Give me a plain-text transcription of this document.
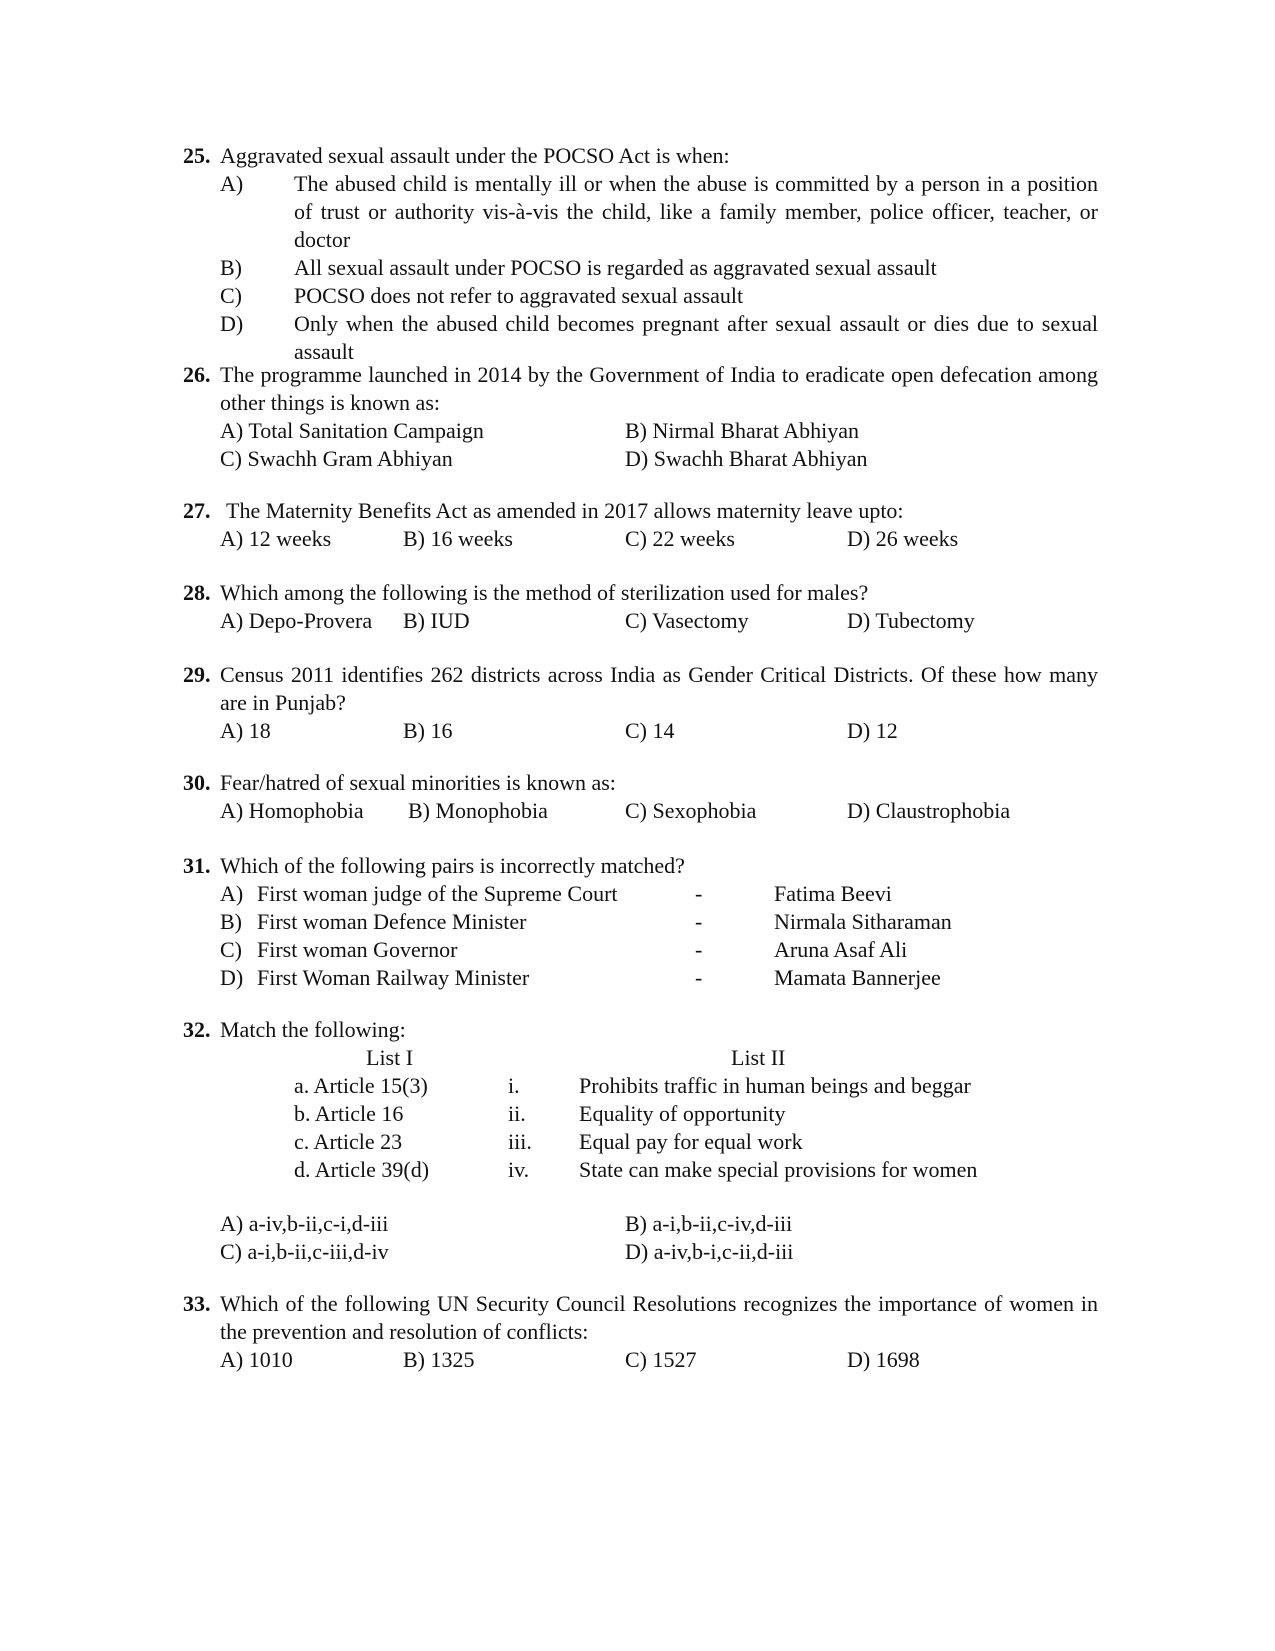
25. Aggravated sexual assault under the POCSO Act is when:
A) The abused child is mentally ill or when the abuse is committed by a person in a position of trust or authority vis-à-vis the child, like a family member, police officer, teacher, or doctor
B) All sexual assault under POCSO is regarded as aggravated sexual assault
C) POCSO does not refer to aggravated sexual assault
D) Only when the abused child becomes pregnant after sexual assault or dies due to sexual assault
26. The programme launched in 2014 by the Government of India to eradicate open defecation among other things is known as:
A) Total Sanitation Campaign	B) Nirmal Bharat Abhiyan
C) Swachh Gram Abhiyan	D) Swachh Bharat Abhiyan
27. The Maternity Benefits Act as amended in 2017 allows maternity leave upto:
A) 12 weeks	B) 16 weeks	C) 22 weeks	D) 26 weeks
28. Which among the following is the method of sterilization used for males?
A) Depo-Provera B) IUD	C) Vasectomy	D) Tubectomy
29. Census 2011 identifies 262 districts across India as Gender Critical Districts. Of these how many are in Punjab?
A) 18	B) 16	C) 14	D) 12
30. Fear/hatred of sexual minorities is known as:
A) Homophobia B) Monophobia	C) Sexophobia	D) Claustrophobia
31. Which of the following pairs is incorrectly matched?
A) First woman judge of the Supreme Court	-	Fatima Beevi
B) First woman Defence Minister	-	Nirmala Sitharaman
C) First woman Governor	-	Aruna Asaf Ali
D) First Woman Railway Minister	-	Mamata Bannerjee
32. Match the following:
List I	List II
a. Article 15(3)	i.	Prohibits traffic in human beings and beggar
b. Article 16	ii. Equality of opportunity
c. Article 23	iii. Equal pay for equal work
d. Article 39(d)	iv. State can make special provisions for women
A) a-iv,b-ii,c-i,d-iii	B) a-i,b-ii,c-iv,d-iii
C) a-i,b-ii,c-iii,d-iv	D) a-iv,b-i,c-ii,d-iii
33. Which of the following UN Security Council Resolutions recognizes the importance of women in the prevention and resolution of conflicts:
A) 1010	B) 1325	C) 1527	D) 1698
